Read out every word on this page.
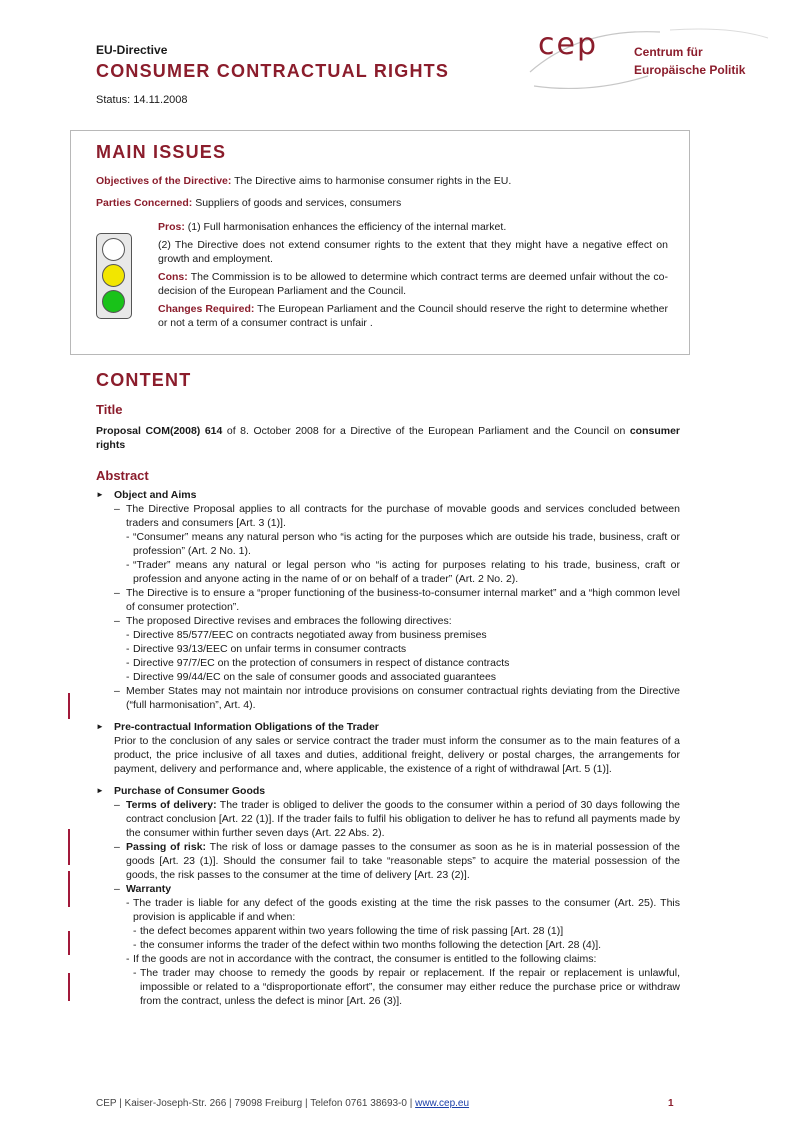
EU-Directive
CONSUMER CONTRACTUAL RIGHTS
Status: 14.11.2008
cep	Centrum für
Europäische Politik
MAIN ISSUES
Objectives of the Directive: The Directive aims to harmonise consumer rights in the EU.
Parties Concerned: Suppliers of goods and services, consumers

Pros: (1) Full harmonisation enhances the efficiency of the internal market.

(2) The Directive does not extend consumer rights to the extent that they might have a negative effect on growth and employment.

Cons: The Commission is to be allowed to determine which contract terms are deemed unfair without the co-decision of the European Parliament and the Council.

Changes Required: The European Parliament and the Council should reserve the right to determine whether or not a term of a consumer contract is unfair .

CONTENT
Title
Proposal COM(2008) 614 of 8. October 2008 for a Directive of the European Parliament and the Council on consumer rights
Abstract
► Object and Aims
– The Directive Proposal applies to all contracts for the purchase of movable goods and services concluded between traders and consumers [Art. 3 (1)].
- “Consumer” means any natural person who “is acting for the purposes which are outside his trade, business, craft or profession” (Art. 2 No. 1).
- “Trader” means any natural or legal person who “is acting for purposes relating to his trade, business, craft or profession and anyone acting in the name of or on behalf of a trader” (Art. 2 No. 2).
– The Directive is to ensure a “proper functioning of the business-to-consumer internal market” and a “high common level of consumer protection”.
– The proposed Directive revises and embraces the following directives:
- Directive 85/577/EEC on contracts negotiated away from business premises
- Directive 93/13/EEC on unfair terms in consumer contracts
- Directive 97/7/EC on the protection of consumers in respect of distance contracts
- Directive 99/44/EC on the sale of consumer goods and associated guarantees
– Member States may not maintain nor introduce provisions on consumer contractual rights deviating from the Directive (“full harmonisation”, Art. 4).
► Pre-contractual Information Obligations of the Trader
Prior to the conclusion of any sales or service contract the trader must inform the consumer as to the main features of a product, the price inclusive of all taxes and duties, additional freight, delivery or postal charges, the arrangements for payment, delivery and performance and, where applicable, the existence of a right of withdrawal [Art. 5 (1)].
► Purchase of Consumer Goods
– Terms of delivery: The trader is obliged to deliver the goods to the consumer within a period of 30 days following the contract conclusion [Art. 22 (1)]. If the trader fails to fulfil his obligation to deliver he has to refund all payments made by the consumer within further seven days (Art. 22 Abs. 2).
– Passing of risk: The risk of loss or damage passes to the consumer as soon as he is in material possession of the goods [Art. 23 (1)]. Should the consumer fail to take “reasonable steps” to acquire the material possession of the goods, the risk passes to the consumer at the time of delivery [Art. 23 (2)].
– Warranty
- The trader is liable for any defect of the goods existing at the time the risk passes to the consumer (Art. 25). This provision is applicable if and when:
- the defect becomes apparent within two years following the time of risk passing [Art. 28 (1)]
- the consumer informs the trader of the defect within two months following the detection [Art. 28 (4)].
- If the goods are not in accordance with the contract, the consumer is entitled to the following claims:
- The trader may choose to remedy the goods by repair or replacement. If the repair or replacement is unlawful, impossible or related to a “disproportionate effort”, the consumer may either reduce the purchase price or withdraw from the contract, unless the defect is minor [Art. 26 (3)].
CEP | Kaiser-Joseph-Str. 266 | 79098 Freiburg | Telefon 0761 38693-0 | www.cep.eu	1
